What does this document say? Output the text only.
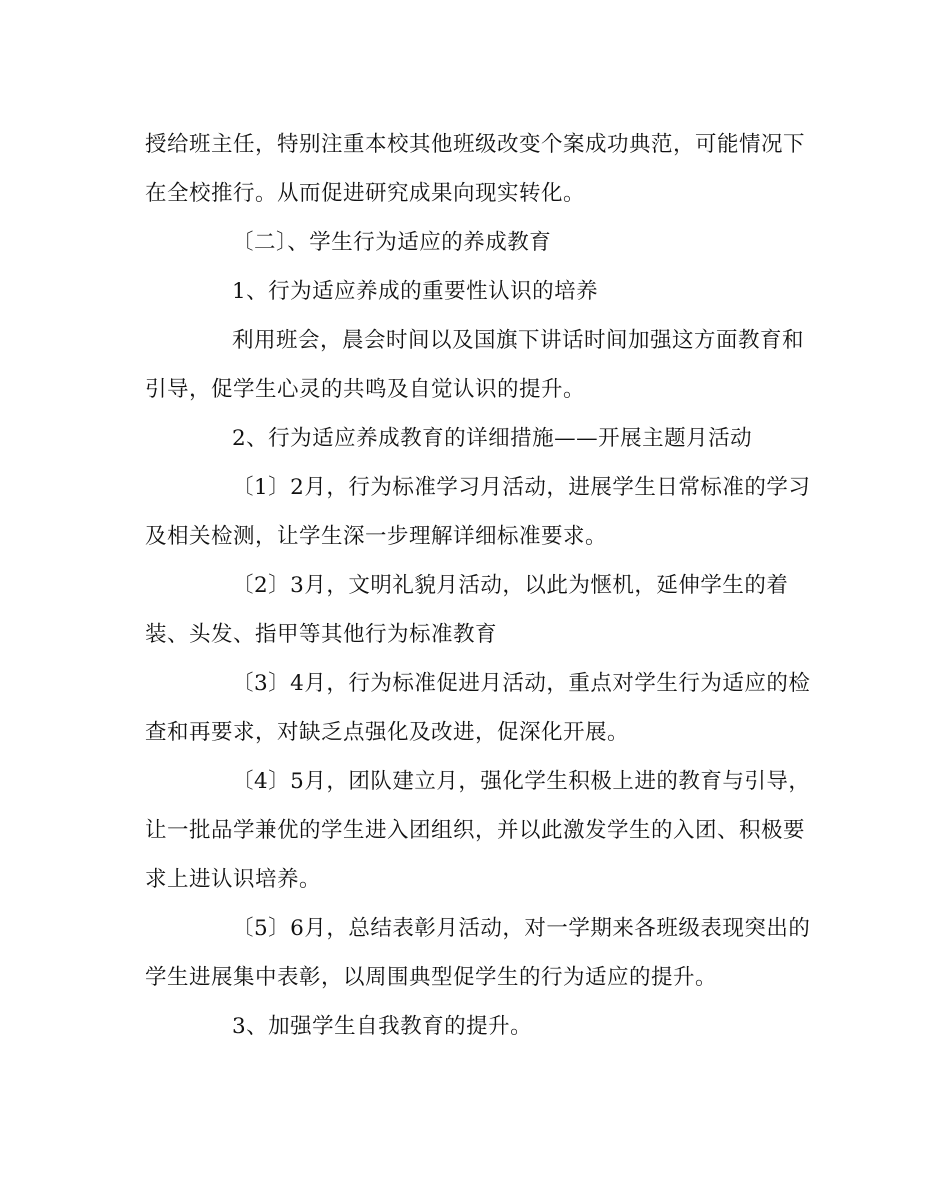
授给班主任，特别注重本校其他班级改变个案成功典范，可能情况下
在全校推行。从而促进研究成果向现实转化。
〔二〕、学生行为适应的养成教育
1、行为适应养成的重要性认识的培养
利用班会，晨会时间以及国旗下讲话时间加强这方面教育和
引导，促学生心灵的共鸣及自觉认识的提升。
2、行为适应养成教育的详细措施——开展主题月活动
〔1〕2月，行为标准学习月活动，进展学生日常标准的学习
及相关检测，让学生深一步理解详细标准要求。
〔2〕3月，文明礼貌月活动，以此为惬机，延伸学生的着
装、头发、指甲等其他行为标准教育
〔3〕4月，行为标准促进月活动，重点对学生行为适应的检
查和再要求，对缺乏点强化及改进，促深化开展。
〔4〕5月，团队建立月，强化学生积极上进的教育与引导，
让一批品学兼优的学生进入团组织，并以此激发学生的入团、积极要
求上进认识培养。
〔5〕6月，总结表彰月活动，对一学期来各班级表现突出的
学生进展集中表彰，以周围典型促学生的行为适应的提升。
3、加强学生自我教育的提升。
